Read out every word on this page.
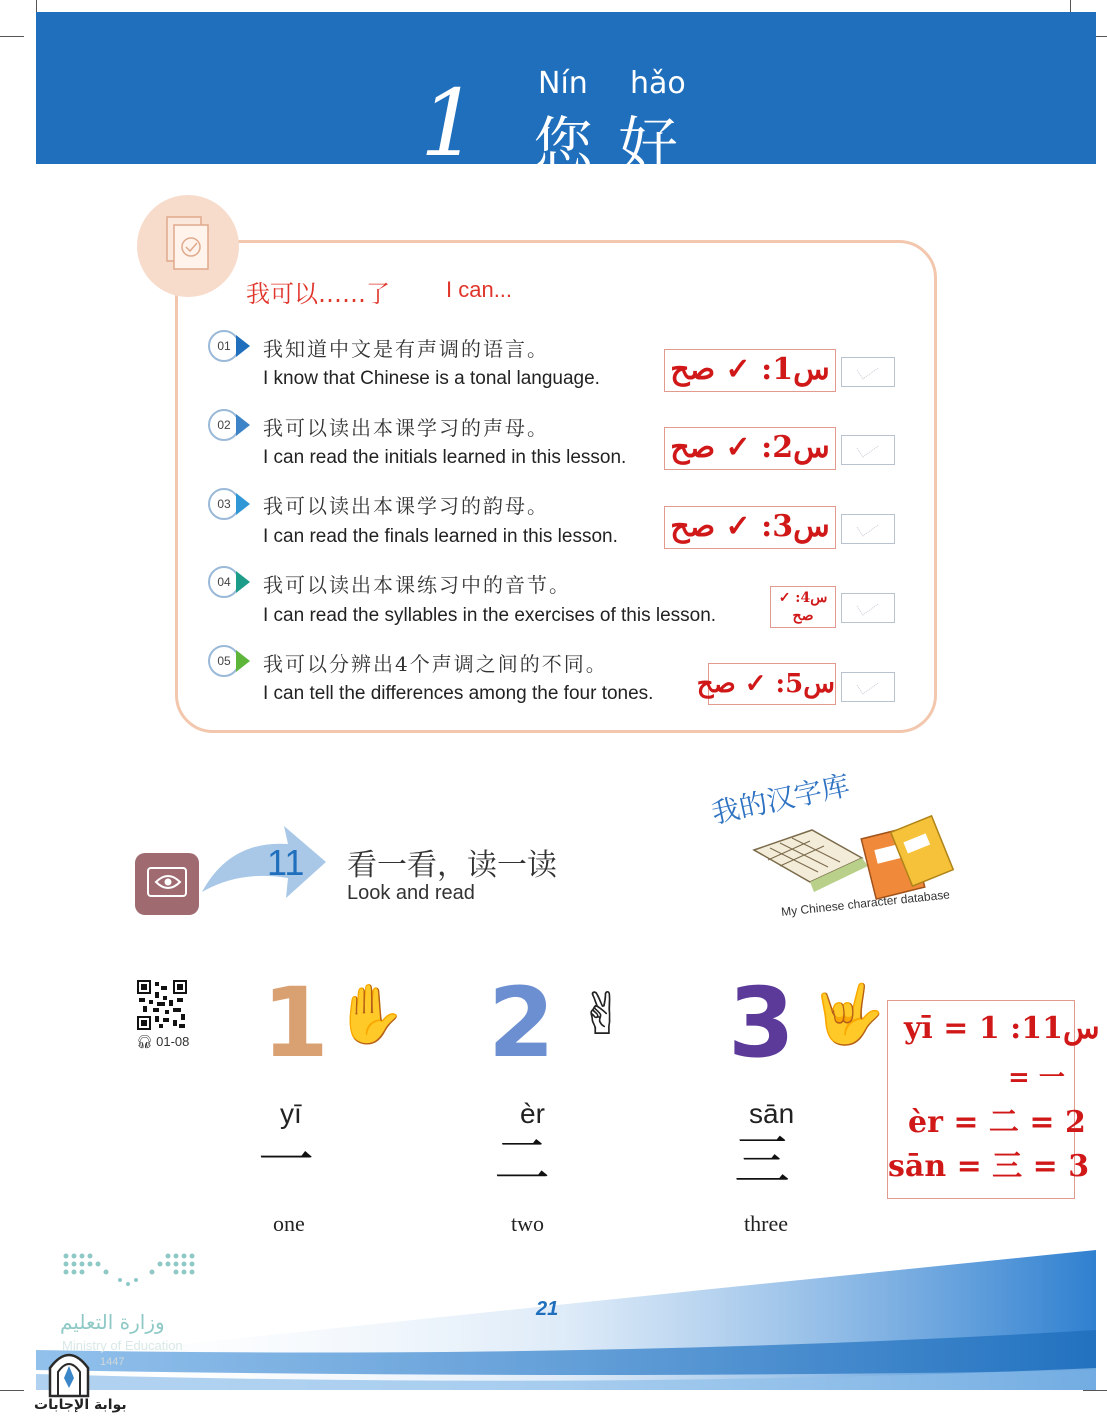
1 Nín hǎo
您 好
我可以……了	I can...
01	我知道中文是有声调的语言。
I know that Chinese is a tonal language. س1: ✓ صح
02	我可以读出本课学习的声母。
I can read the initials learned in this lesson. س2: ✓ صح
03	我可以读出本课学习的韵母。
I can read the finals learned in this lesson. س3: ✓ صح
04	我可以读出本课练习中的音节。
I can read the syllables in the exercises of this lesson.
س4: ✓ صح
05	我可以分辨出4个声调之间的不同。
I can tell the differences among the four tones. س5: ✓ صح
11 看一看，读一读
Look and read
我的汉字库
My Chinese character database
🎧︎ 01-08 1 ✋
yī
一
one
2 ✌
èr
二
two
3 🤟
sān
三
three
yī = 1 :11س
= 一
èr = 二 = 2
sān = 三 = 3
21
وزارة التعليم
Ministry of Education
1447
بوابة الإجابات
